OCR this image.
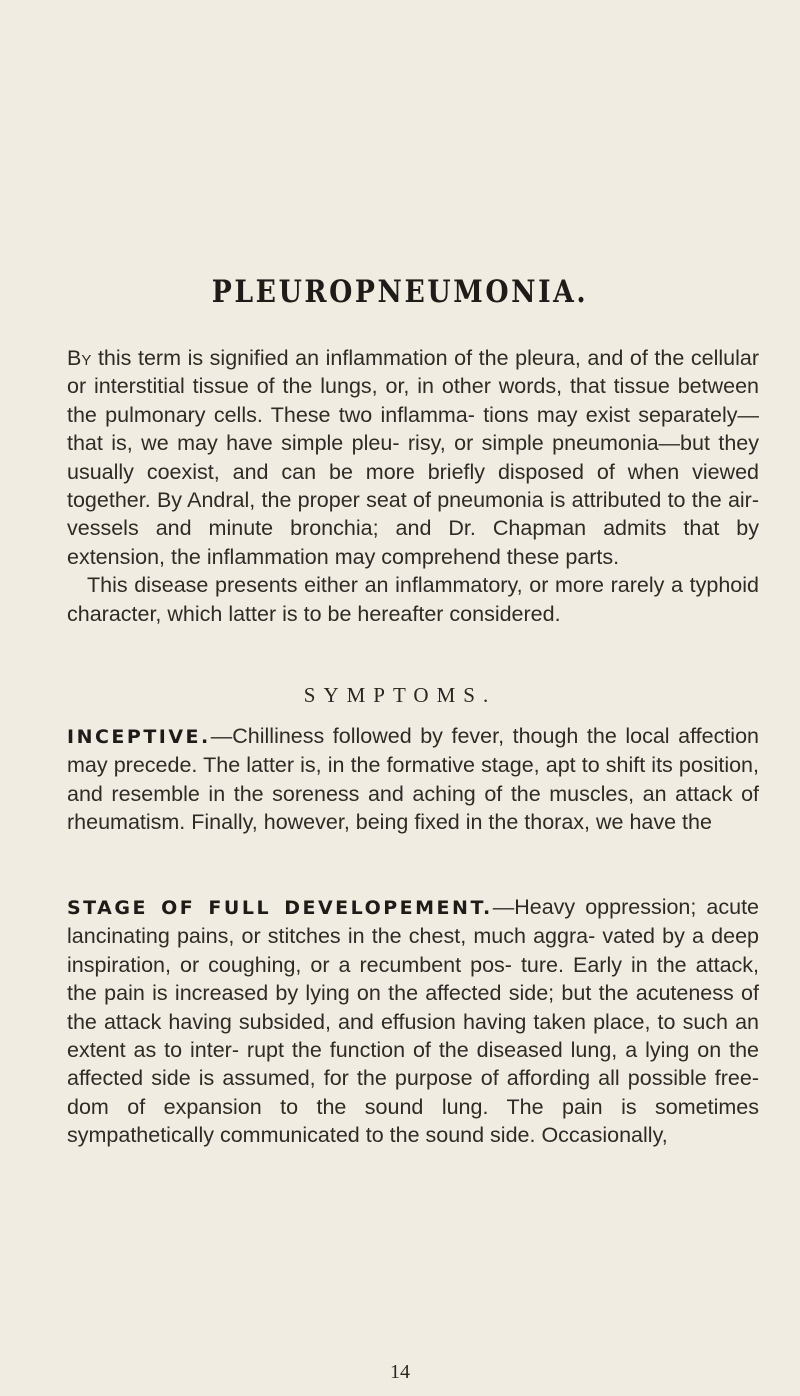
PLEUROPNEUMONIA.

By this term is signified an inflammation of the pleura, and of the cellular or interstitial tissue of the lungs, or, in other words, that tissue between the pulmonary cells. These two inflamma- tions may exist separately—that is, we may have simple pleu- risy, or simple pneumonia—but they usually coexist, and can be more briefly disposed of when viewed together. By Andral, the proper seat of pneumonia is attributed to the air-vessels and minute bronchia; and Dr. Chapman admits that by extension, the inflammation may comprehend these parts.

This disease presents either an inflammatory, or more rarely a typhoid character, which latter is to be hereafter considered.

SYMPTOMS.

INCEPTIVE.—Chilliness followed by fever, though the local affection may precede. The latter is, in the formative stage, apt to shift its position, and resemble in the soreness and aching of the muscles, an attack of rheumatism. Finally, however, being fixed in the thorax, we have the

STAGE OF FULL DEVELOPEMENT.—Heavy oppression; acute lancinating pains, or stitches in the chest, much aggra- vated by a deep inspiration, or coughing, or a recumbent pos- ture. Early in the attack, the pain is increased by lying on the affected side; but the acuteness of the attack having subsided, and effusion having taken place, to such an extent as to inter- rupt the function of the diseased lung, a lying on the affected side is assumed, for the purpose of affording all possible free- dom of expansion to the sound lung. The pain is sometimes sympathetically communicated to the sound side. Occasionally,

14
